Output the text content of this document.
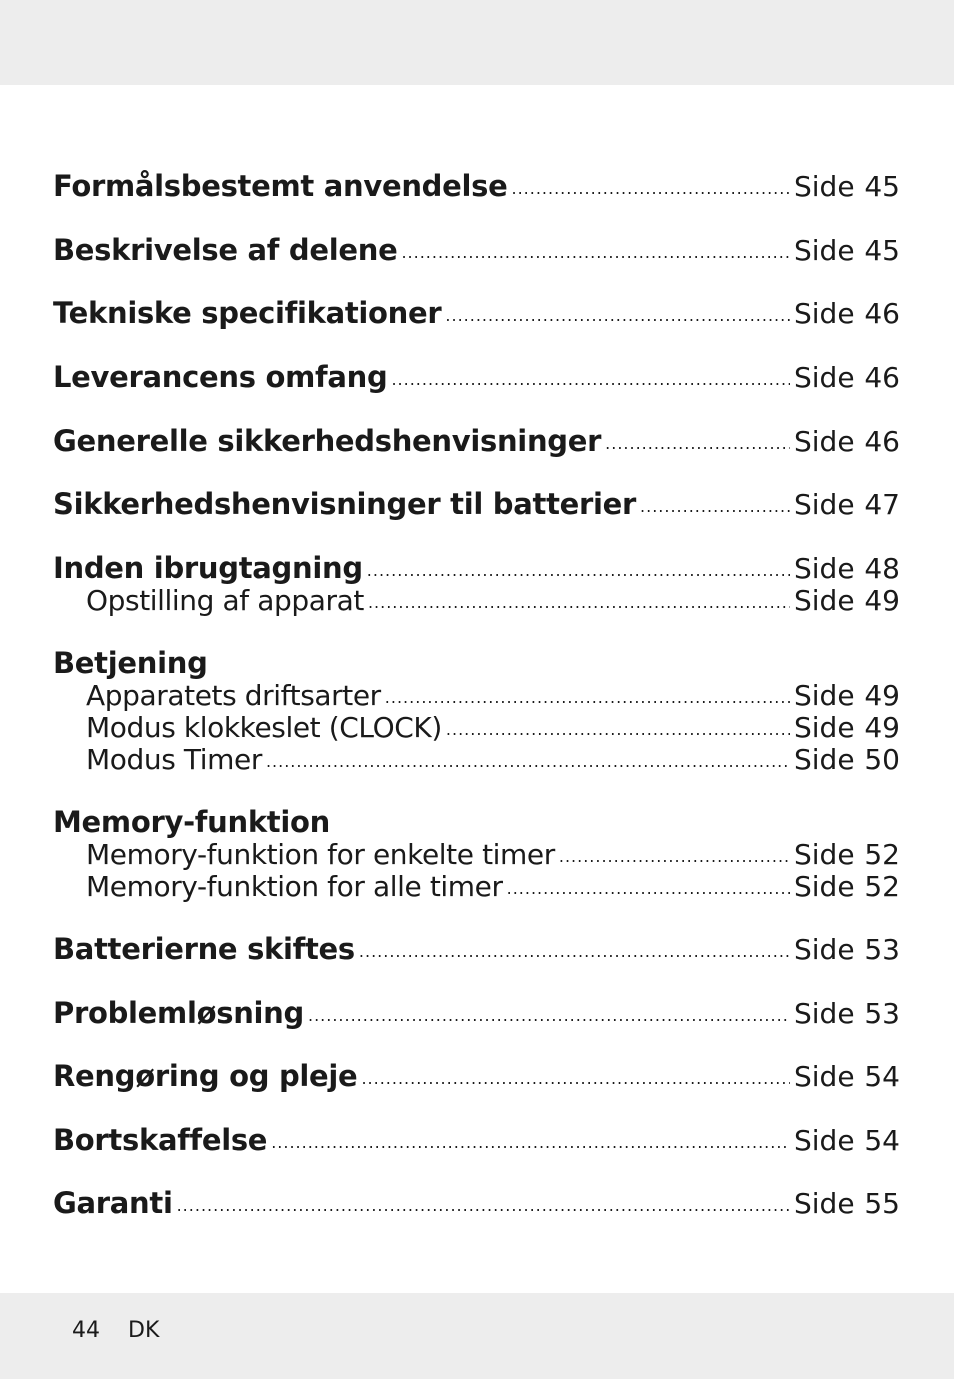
Formålsbestemt anvendelse .....	Side 45
Beskrivelse af delene .....	Side 45
Tekniske specifikationer .....	Side 46
Leverancens omfang .....	Side 46
Generelle sikkerhedshenvisninger .....	Side 46
Sikkerhedshenvisninger til batterier .....	Side 47
Inden ibrugtagning .....	Side 48
Opstilling af apparat .....	Side 49
Betjening
Apparatets driftsarter .....	Side 49
Modus klokkeslet (CLOCK) .....	Side 49
Modus Timer .....	Side 50
Memory-funktion
Memory-funktion for enkelte timer .....	Side 52
Memory-funktion for alle timer .....	Side 52
Batterierne skiftes .....	Side 53
Problemløsning .....	Side 53
Rengøring og pleje .....	Side 54
Bortskaffelse .....	Side 54
Garanti .....	Side 55
44 DK
